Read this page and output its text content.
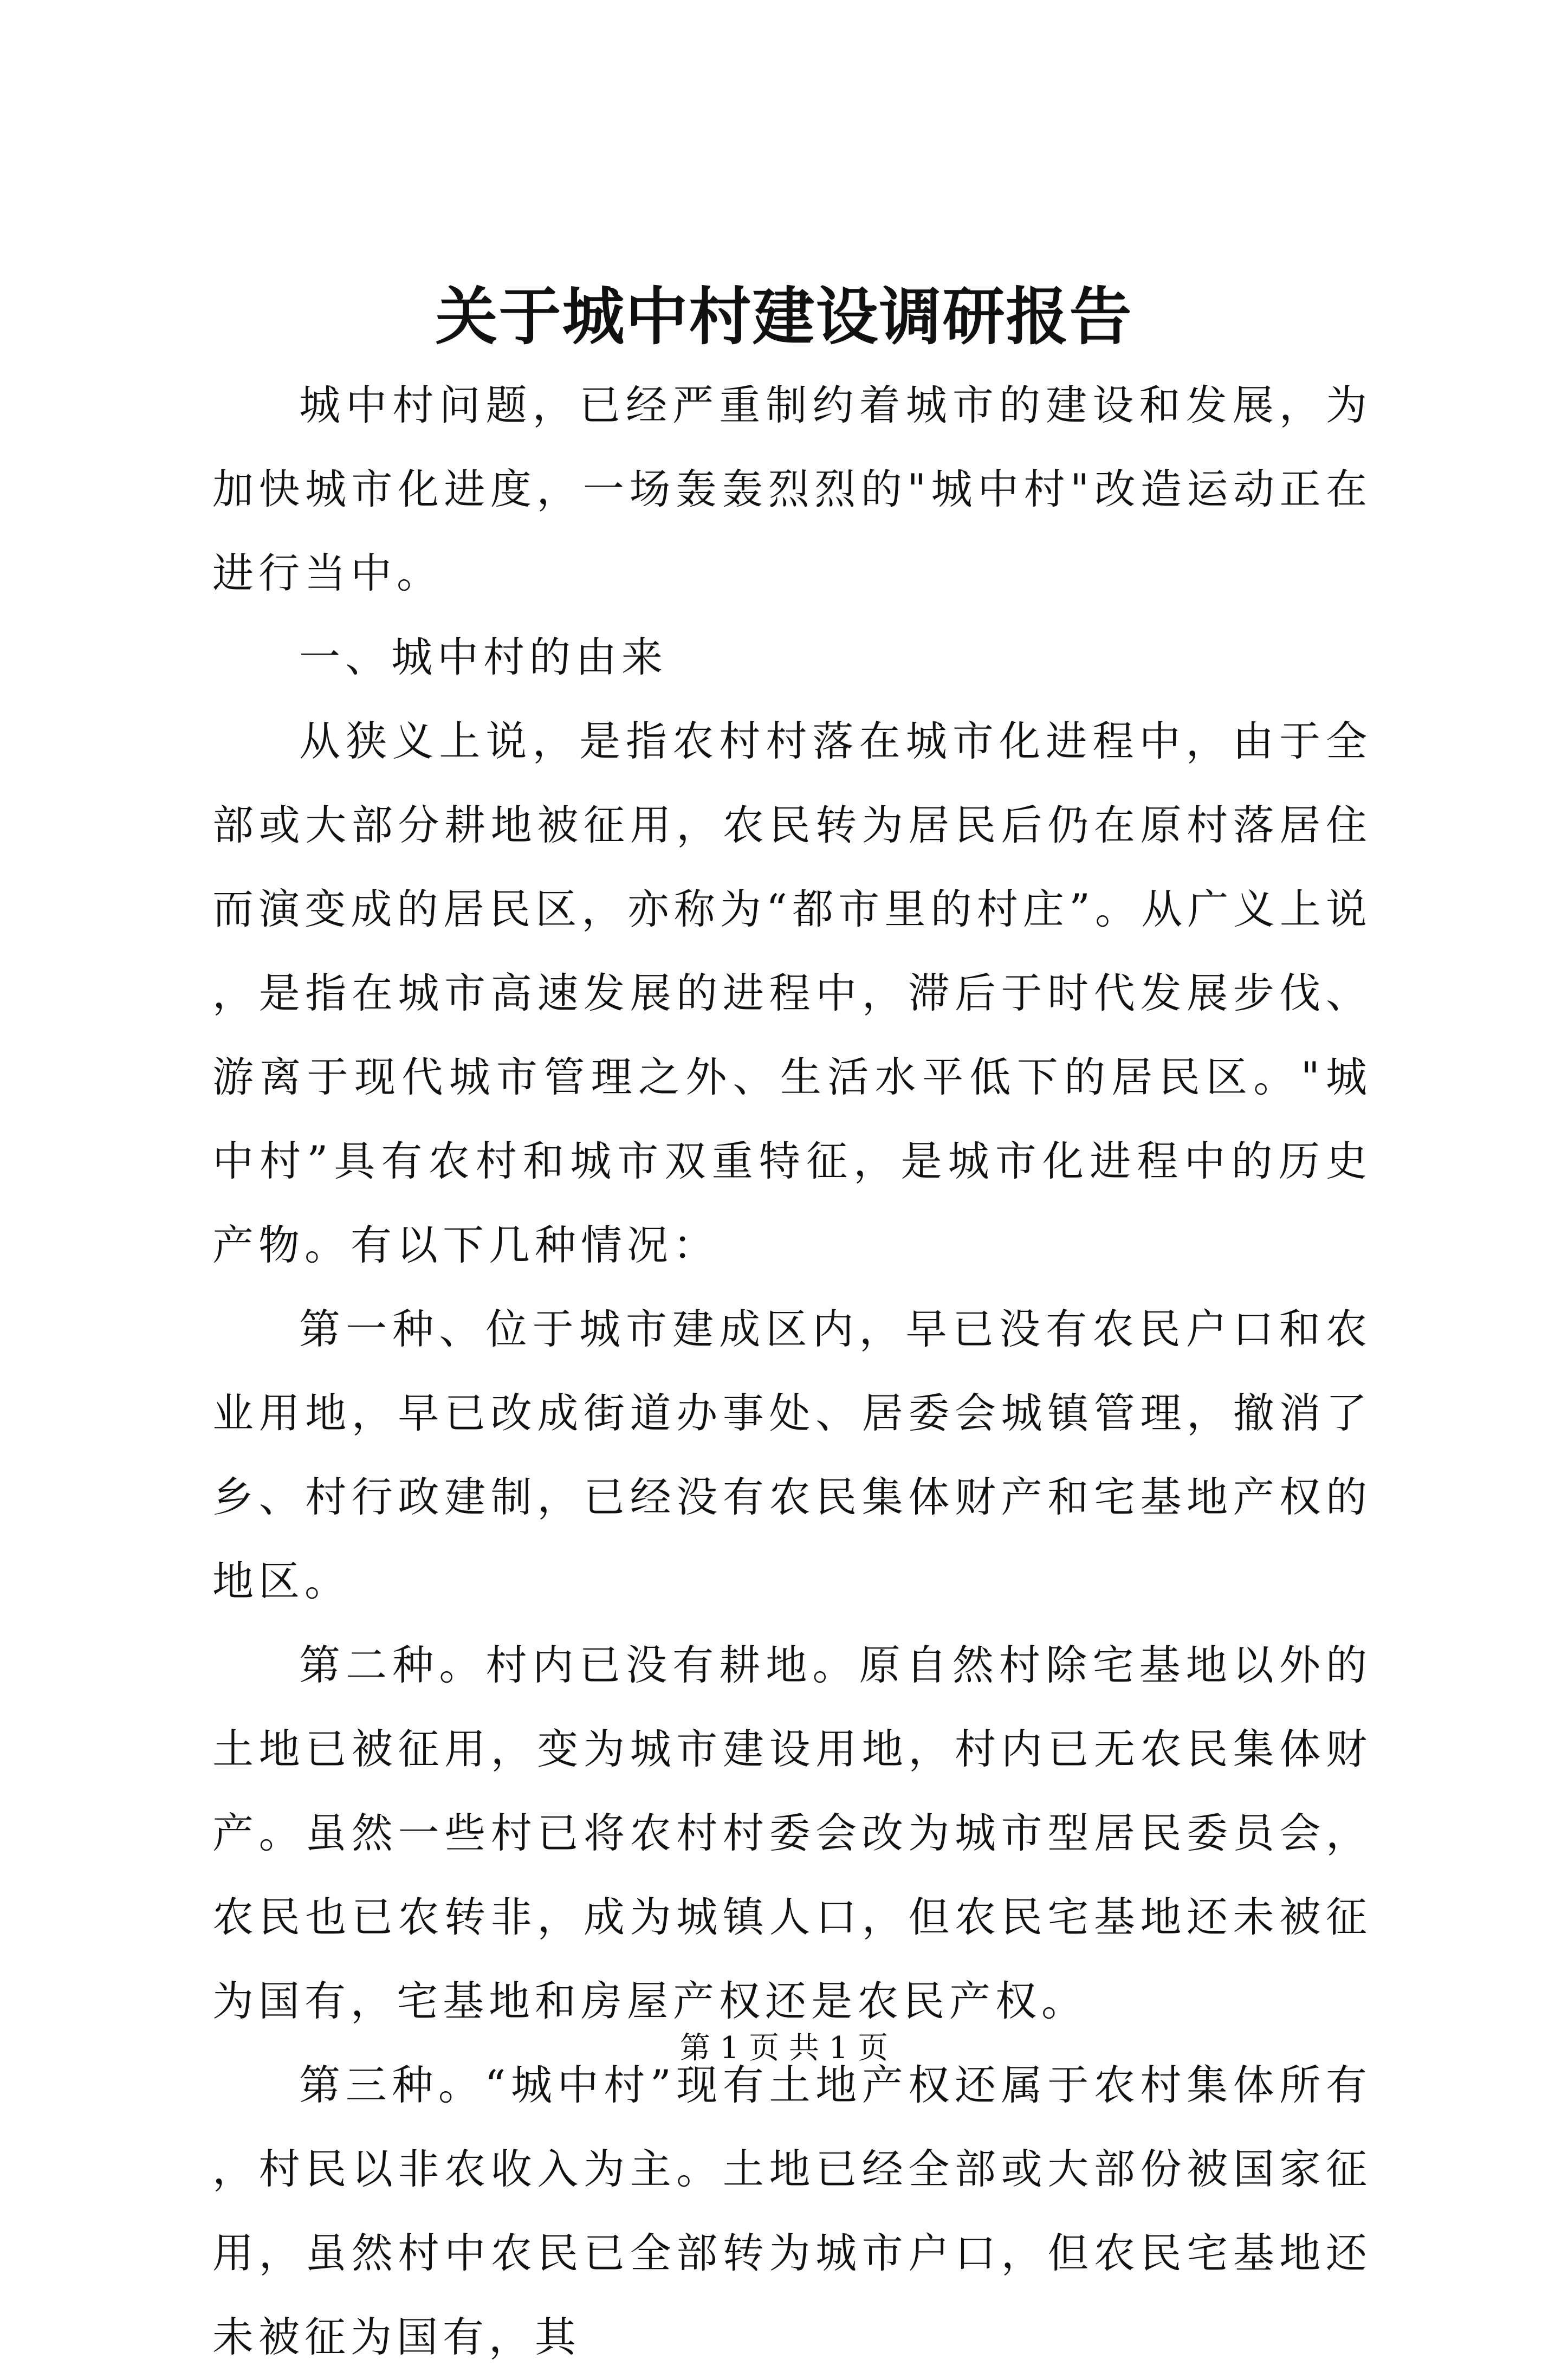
关于城中村建设调研报告

城中村问题，已经严重制约着城市的建设和发展，为加快城市化进度，一场轰轰烈烈的"城中村"改造运动正在进行当中。

一、城中村的由来

从狭义上说，是指农村村落在城市化进程中，由于全部或大部分耕地被征用，农民转为居民后仍在原村落居住而演变成的居民区，亦称为“都市里的村庄”。从广义上说，是指在城市高速发展的进程中，滞后于时代发展步伐、游离于现代城市管理之外、生活水平低下的居民区。"城中村”具有农村和城市双重特征，是城市化进程中的历史产物。有以下几种情况：

第一种、位于城市建成区内，早已没有农民户口和农业用地，早已改成街道办事处、居委会城镇管理，撤消了乡、村行政建制，已经没有农民集体财产和宅基地产权的地区。

第二种。村内已没有耕地。原自然村除宅基地以外的土地已被征用，变为城市建设用地，村内已无农民集体财产。虽然一些村已将农村村委会改为城市型居民委员会，农民也已农转非，成为城镇人口，但农民宅基地还未被征为国有，宅基地和房屋产权还是农民产权。

第三种。“城中村”现有土地产权还属于农村集体所有，村民以非农收入为主。土地已经全部或大部份被国家征用，虽然村中农民已全部转为城市户口，但农民宅基地还未被征为国有，其

第 1 页 共 1 页
